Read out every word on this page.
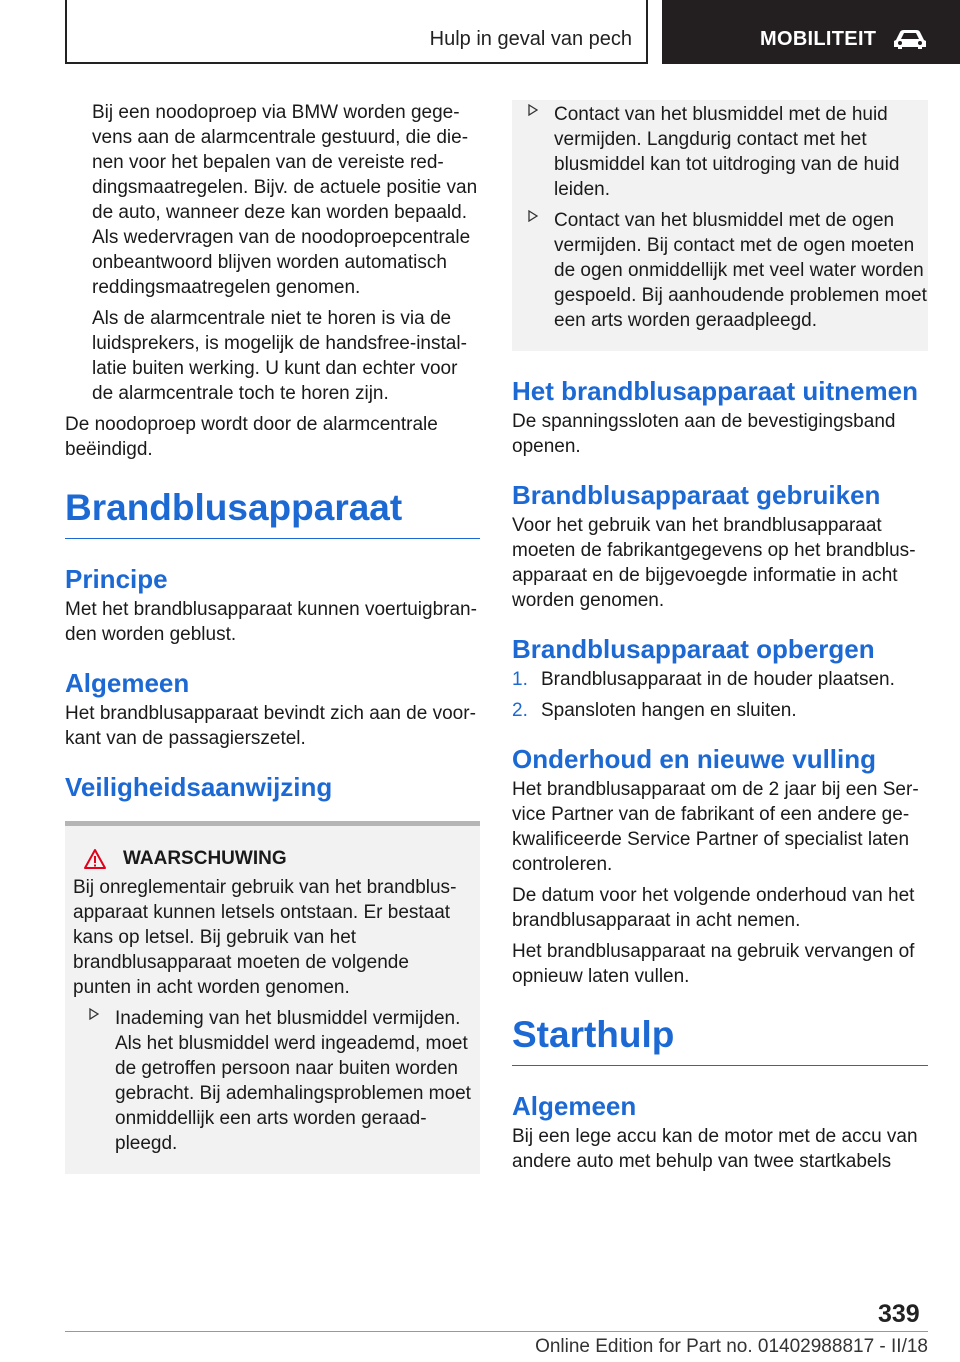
Hulp in geval van pech	MOBILITEIT

Bij een noodoproep via BMW worden gegevens aan de alarmcentrale gestuurd, die dienen voor het bepalen van de vereiste reddingsmaatregelen. Bijv. de actuele positie van de auto, wanneer deze kan worden bepaald. Als wedervragen van de noodoproepcentrale onbeantwoord blijven worden automatisch reddingsmaatregelen genomen.

Als de alarmcentrale niet te horen is via de luidsprekers, is mogelijk de handsfree-installatie buiten werking. U kunt dan echter voor de alarmcentrale toch te horen zijn.

De noodoproep wordt door de alarmcentrale beëindigd.

Brandblusapparaat
Principe

Met het brandblusapparaat kunnen voertuigbranden worden geblust.

Algemeen

Het brandblusapparaat bevindt zich aan de voorkant van de passagierszetel.

Veiligheidsaanwijzing
WAARSCHUWING

Bij onreglementair gebruik van het brandblusapparaat kunnen letsels ontstaan. Er bestaat kans op letsel. Bij gebruik van het brandblusapparaat moeten de volgende punten in acht worden genomen.

Inademing van het blusmiddel vermijden. Als het blusmiddel werd ingeademd, moet de getroffen persoon naar buiten worden gebracht. Bij ademhalingsproblemen moet onmiddellijk een arts worden geraadpleegd.
Contact van het blusmiddel met de huid vermijden. Langdurig contact met het blusmiddel kan tot uitdroging van de huid leiden.
Contact van het blusmiddel met de ogen vermijden. Bij contact met de ogen moeten de ogen onmiddellijk met veel water worden gespoeld. Bij aanhoudende problemen moet een arts worden geraadpleegd.
Het brandblusapparaat uitnemen

De spanningssloten aan de bevestigingsband openen.

Brandblusapparaat gebruiken

Voor het gebruik van het brandblusapparaat moeten de fabrikantgegevens op het brandblusapparaat en de bijgevoegde informatie in acht worden genomen.

Brandblusapparaat opbergen
1. Brandblusapparaat in de houder plaatsen.
2. Spansloten hangen en sluiten.
Onderhoud en nieuwe vulling

Het brandblusapparaat om de 2 jaar bij een Service Partner van de fabrikant of een andere gekwalificeerde Service Partner of specialist laten controleren.

De datum voor het volgende onderhoud van het brandblusapparaat in acht nemen.

Het brandblusapparaat na gebruik vervangen of opnieuw laten vullen.

Starthulp
Algemeen

Bij een lege accu kan de motor met de accu van andere auto met behulp van twee startkabels

339
Online Edition for Part no. 01402988817 - II/18
